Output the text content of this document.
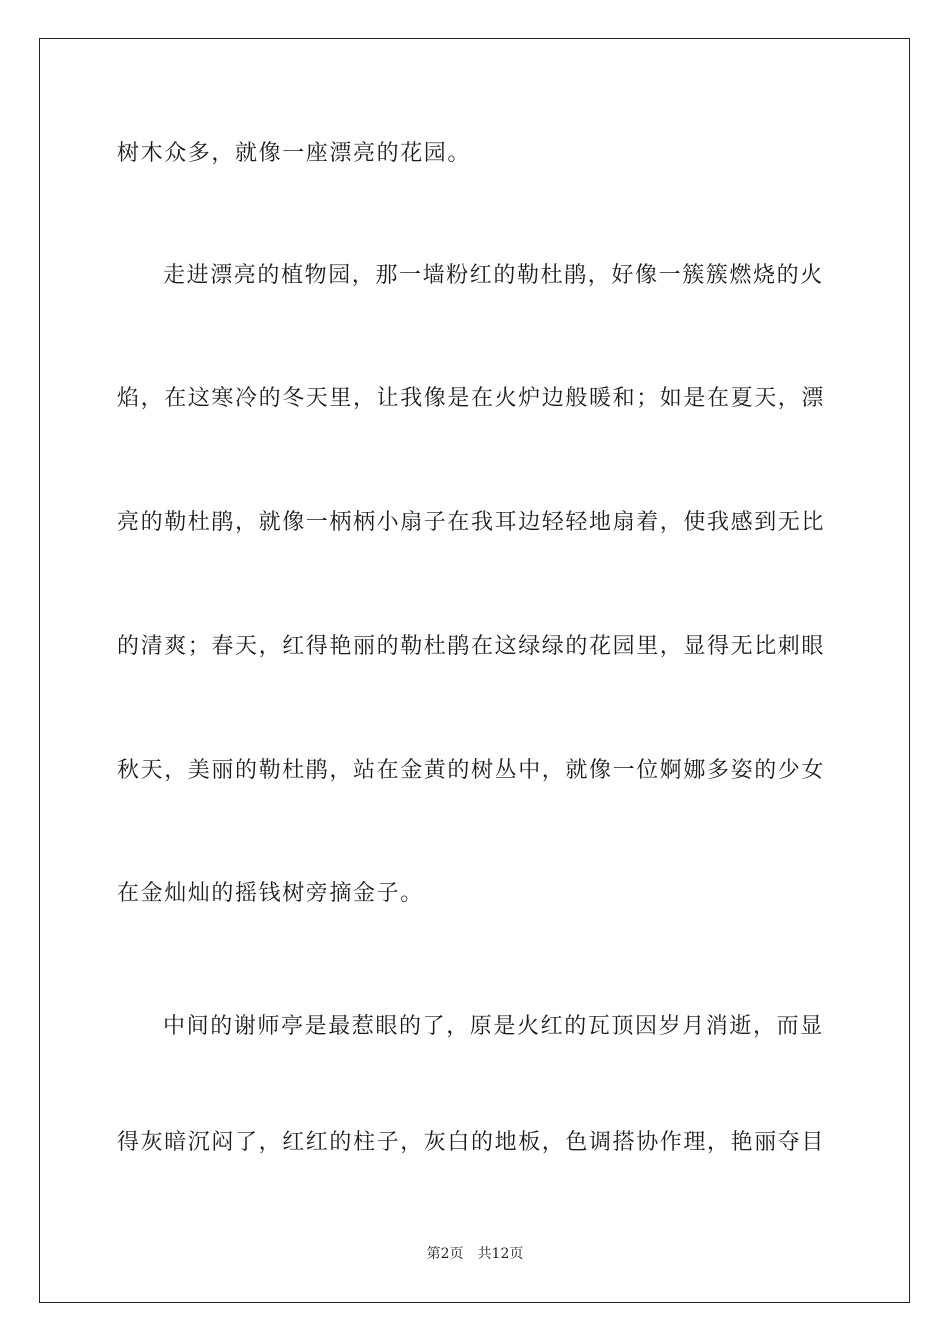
树木众多，就像一座漂亮的花园。
走进漂亮的植物园，那一墙粉红的勒杜鹃，好像一簇簇燃烧的火
焰，在这寒冷的冬天里，让我像是在火炉边般暖和；如是在夏天，漂
亮的勒杜鹃，就像一柄柄小扇子在我耳边轻轻地扇着，使我感到无比
的清爽；春天，红得艳丽的勒杜鹃在这绿绿的花园里，显得无比刺眼
秋天，美丽的勒杜鹃，站在金黄的树丛中，就像一位婀娜多姿的少女
在金灿灿的摇钱树旁摘金子。
中间的谢师亭是最惹眼的了，原是火红的瓦顶因岁月消逝，而显
得灰暗沉闷了，红红的柱子，灰白的地板，色调搭协作理，艳丽夺目
第2页 共12页
